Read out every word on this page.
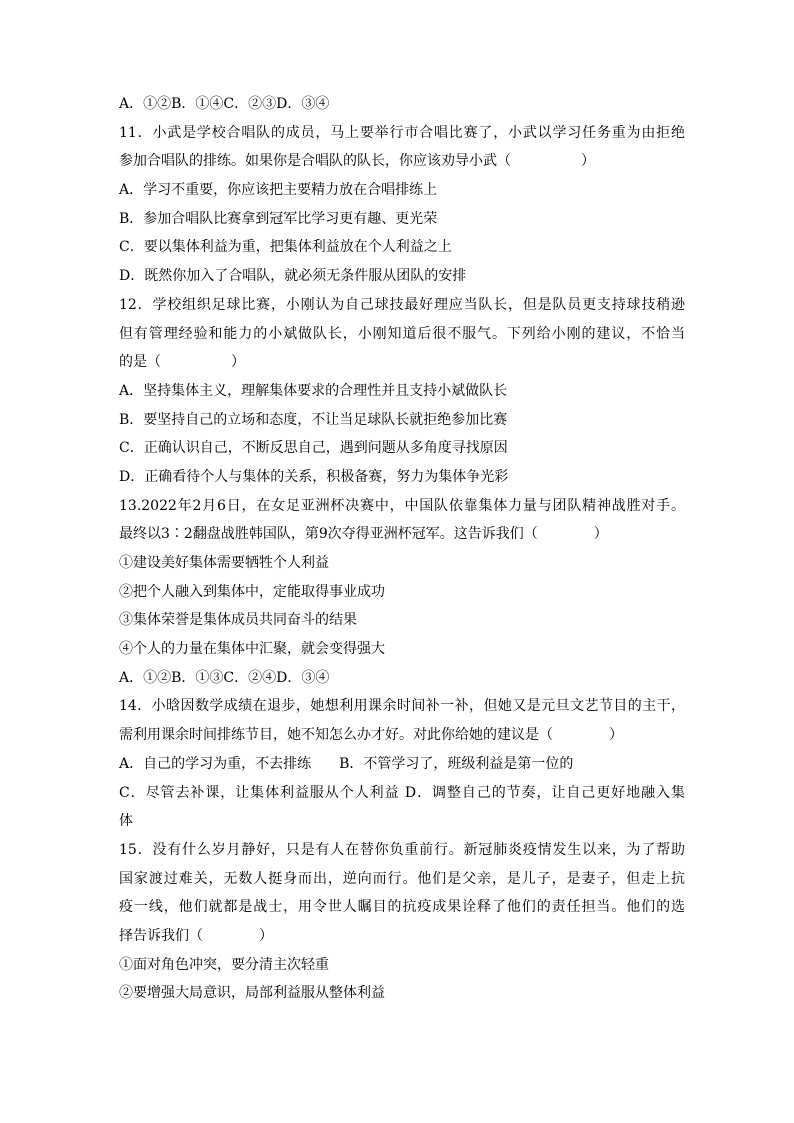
A．①②B．①④C．②③D．③④
11．小武是学校合唱队的成员，马上要举行市合唱比赛了，小武以学习任务重为由拒绝
参加合唱队的排练。如果你是合唱队的队长，你应该劝导小武（　　　　　）
A．学习不重要，你应该把主要精力放在合唱排练上
B．参加合唱队比赛拿到冠军比学习更有趣、更光荣
C．要以集体利益为重，把集体利益放在个人利益之上
D．既然你加入了合唱队，就必须无条件服从团队的安排
12．学校组织足球比赛，小刚认为自己球技最好理应当队长，但是队员更支持球技稍逊
但有管理经验和能力的小斌做队长，小刚知道后很不服气。下列给小刚的建议，不恰当
的是（　　　　　）
A．坚持集体主义，理解集体要求的合理性并且支持小斌做队长
B．要坚持自己的立场和态度，不让当足球队长就拒绝参加比赛
C．正确认识自己，不断反思自己，遇到问题从多角度寻找原因
D．正确看待个人与集体的关系，积极备赛，努力为集体争光彩
13.2022年2月6日，在女足亚洲杯决赛中，中国队依靠集体力量与团队精神战胜对手。
最终以3∶2翻盘战胜韩国队，第9次夺得亚洲杯冠军。这告诉我们（　　　　）
①建设美好集体需要牺牲个人利益
②把个人融入到集体中，定能取得事业成功
③集体荣誉是集体成员共同奋斗的结果
④个人的力量在集体中汇聚，就会变得强大
A．①②B．①③C．②④D．③④
14．小晗因数学成绩在退步，她想利用课余时间补一补，但她又是元旦文艺节目的主干，
需利用课余时间排练节目，她不知怎么办才好。对此你给她的建议是（　　　　）
A．自己的学习为重，不去排练　　B．不管学习了，班级利益是第一位的
C．尽管去补课，让集体利益服从个人利益 D．调整自己的节奏，让自己更好地融入集
体
15．没有什么岁月静好，只是有人在替你负重前行。新冠肺炎疫情发生以来，为了帮助
国家渡过难关，无数人挺身而出，逆向而行。他们是父亲，是儿子，是妻子，但走上抗
疫一线，他们就都是战士，用令世人瞩目的抗疫成果诠释了他们的责任担当。他们的选
择告诉我们（　　　　）
①面对角色冲突，要分清主次轻重
②要增强大局意识，局部利益服从整体利益
